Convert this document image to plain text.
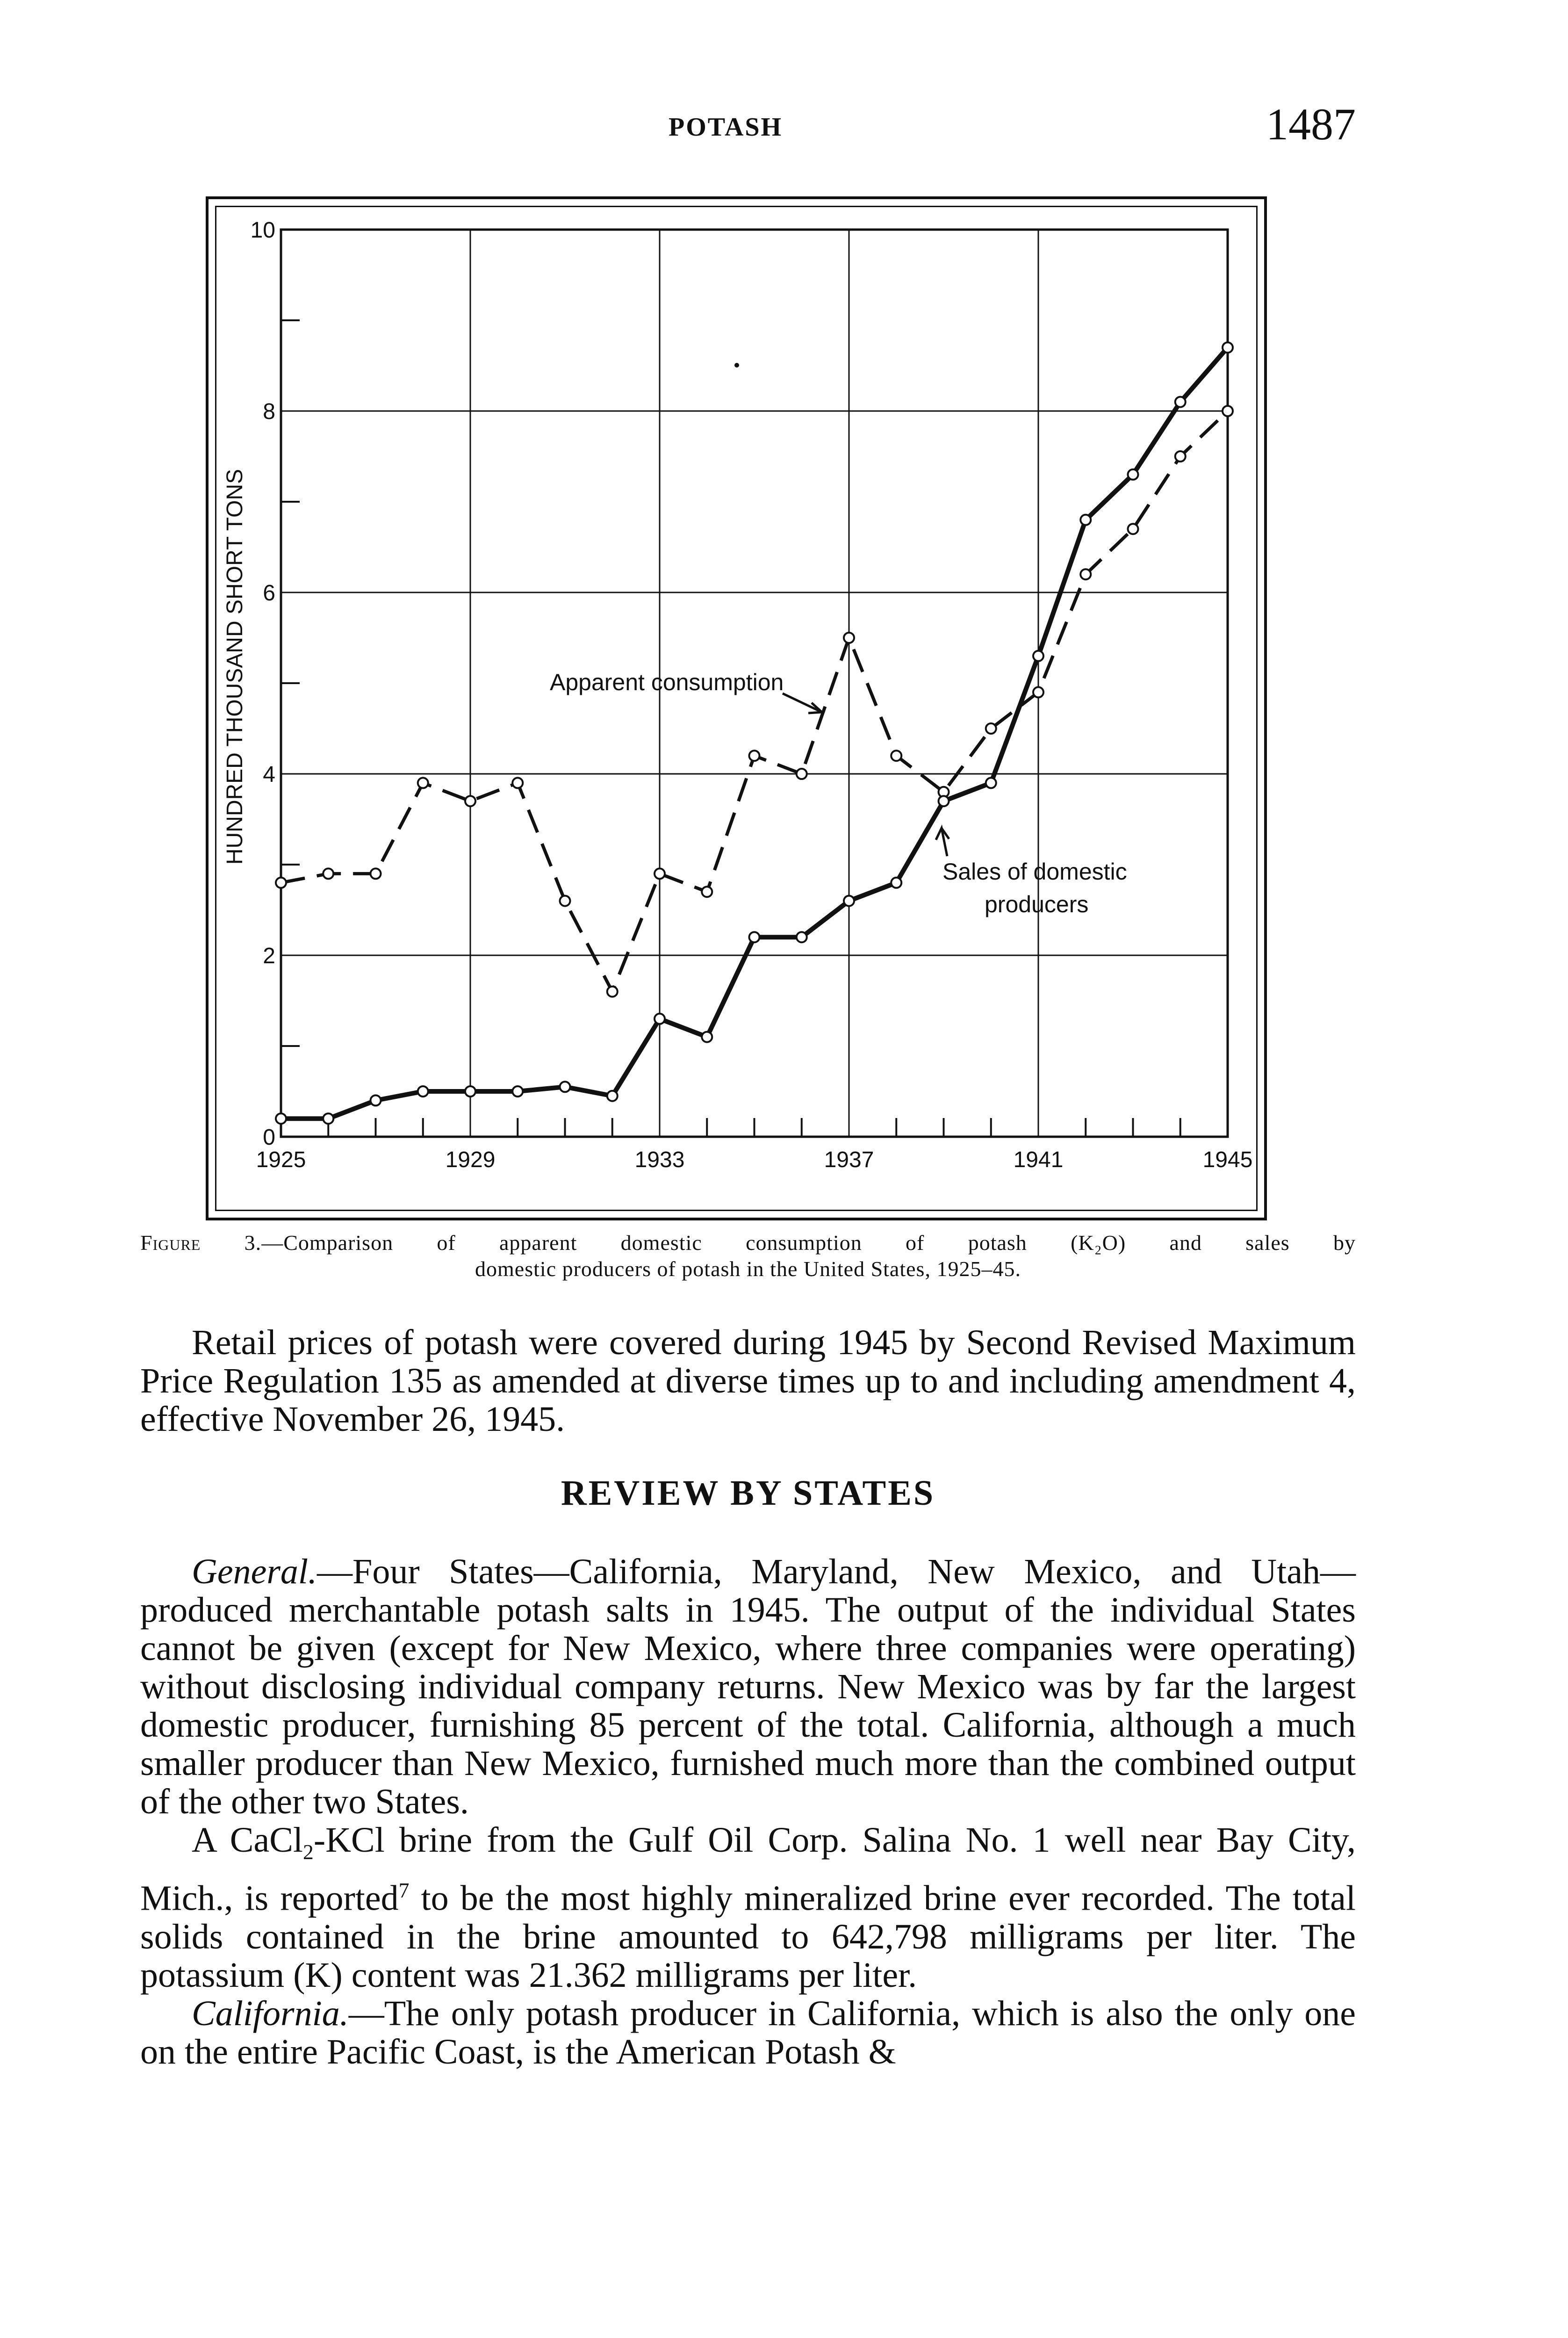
POTASH	1487
0
2
4
6
8
10
1925	1929	1933	1937	1941	1945
HUNDRED THOUSAND SHORT TONS	Apparent consumption
Sales of domestic
producers
Figure 3.—Comparison of apparent domestic consumption of potash (K₂O) and sales by
domestic producers of potash in the United States, 1925–45.

Retail prices of potash were covered during 1945 by Second Revised Maximum Price Regulation 135 as amended at diverse times up to and including amendment 4, effective November 26, 1945.

REVIEW BY STATES

General.—Four States—California, Maryland, New Mexico, and Utah—produced merchantable potash salts in 1945. The output of the individual States cannot be given (except for New Mexico, where three companies were operating) without disclosing individual company returns. New Mexico was by far the largest domestic producer, furnishing 85 percent of the total. California, although a much smaller producer than New Mexico, furnished much more than the combined output of the other two States.

A CaCl$_2$-KCl brine from the Gulf Oil Corp. Salina No. 1 well near Bay City, Mich., is reported$^7$ to be the most highly mineralized brine ever recorded. The total solids contained in the brine amounted to 642,798 milligrams per liter. The potassium (K) content was 21.362 milligrams per liter.

California.—The only potash producer in California, which is also the only one on the entire Pacific Coast, is the American Potash &
